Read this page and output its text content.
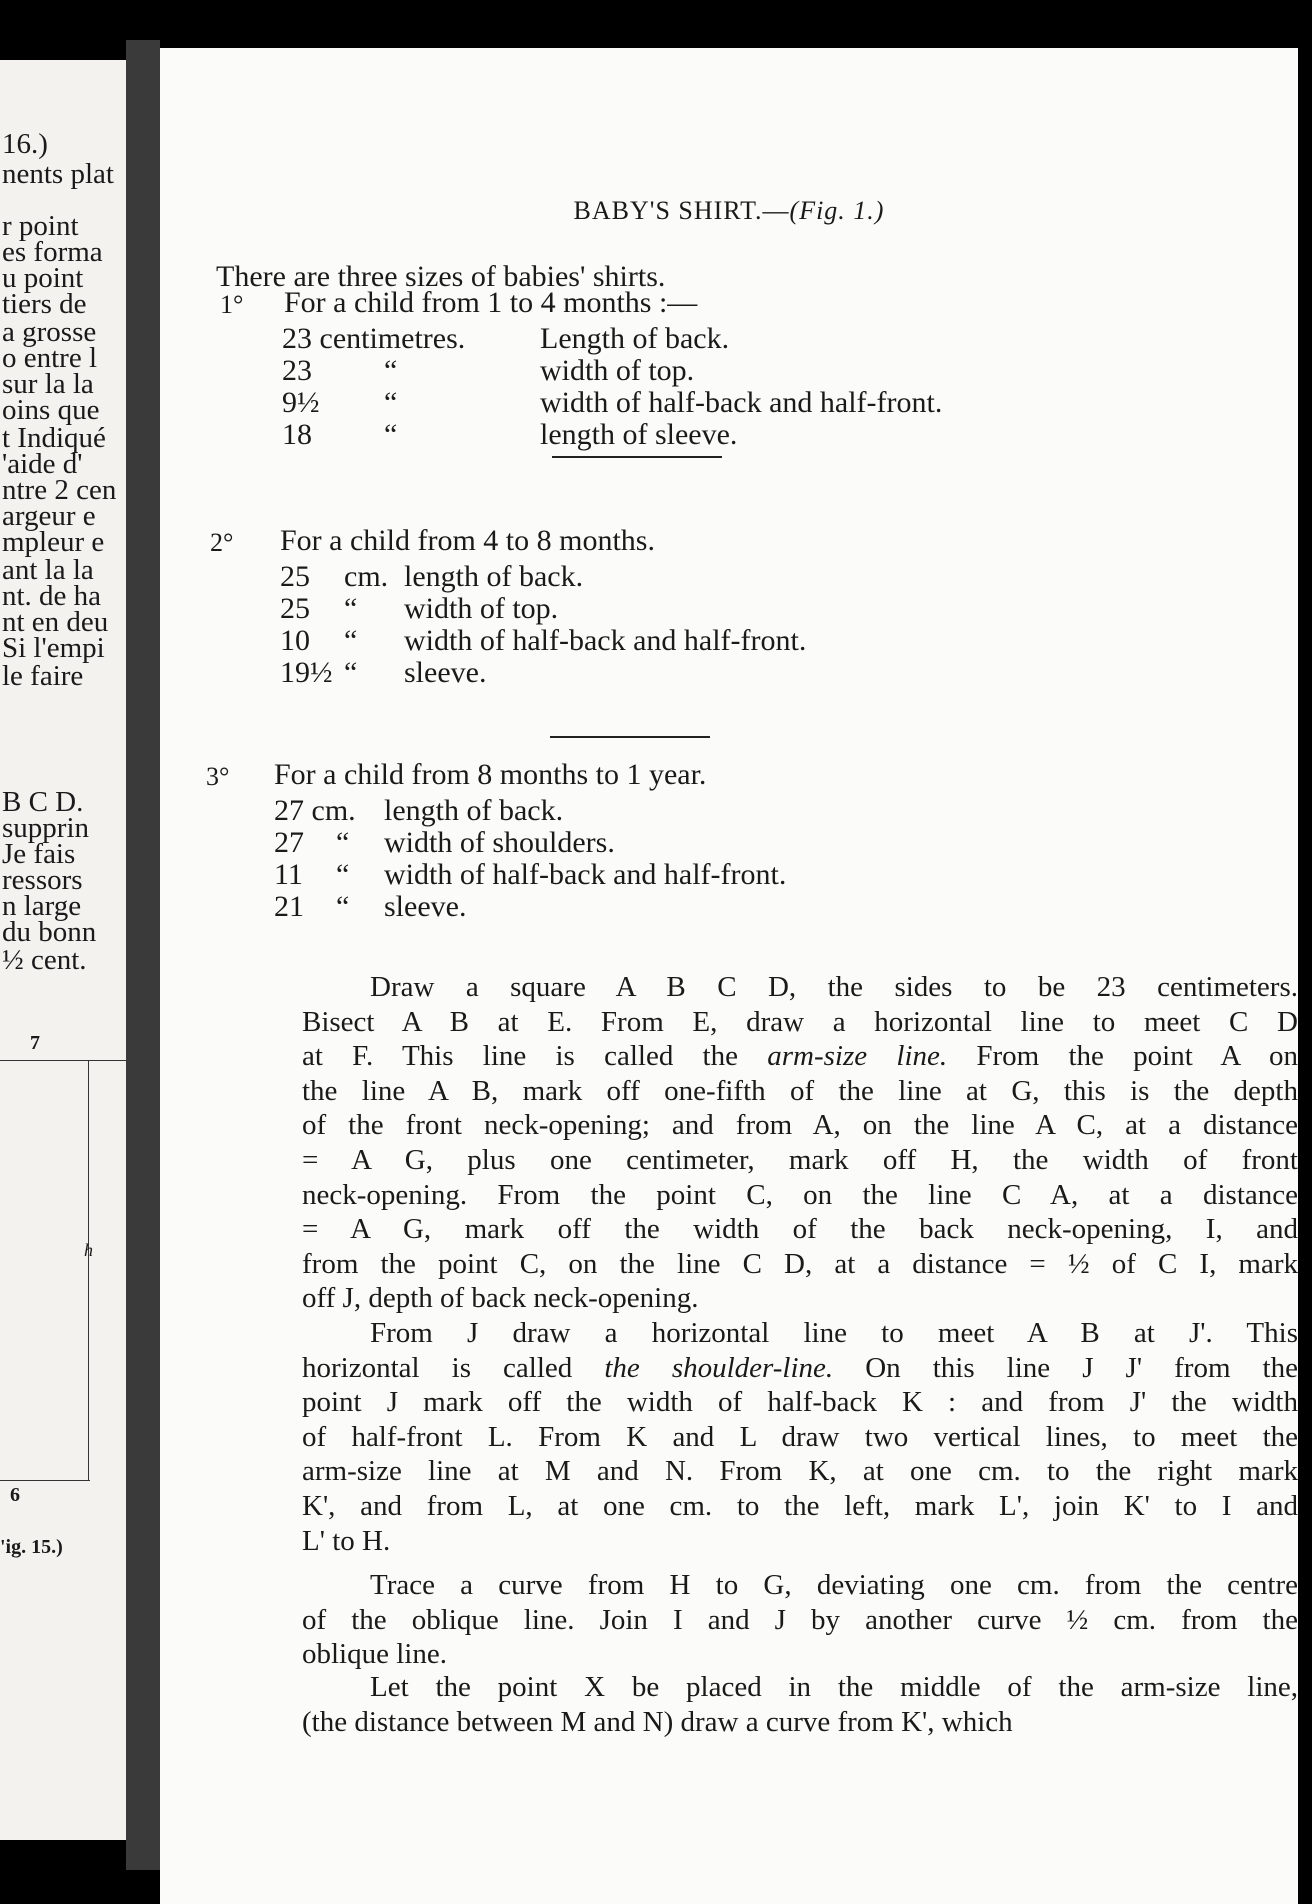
16.)
nents plat
r point
es forma
u point
tiers de
a grosse
o entre l
sur la la
oins que
t Indiqué
'aide d'
ntre 2 cen
argeur e
mpleur e
ant la la
nt. de ha
nt en deu
Si l'empi
le faire
B C D.
supprin
Je fais
ressors
n large
du bonn
½ cent.
7
h
6
'ig. 15.)
BABY'S SHIRT.—(Fig. 1.)
There are three sizes of babies' shirts.
1° For a child from 1 to 4 months :—
23 centimetres. Length of back.
23 “	width of top.
9½ “	width of half-back and half-front.
18 “	length of sleeve.
2° For a child from 4 to 8 months.
25 cm. length of back.
25 “ width of top.
10 “ width of half-back and half-front.
19½ “ sleeve.
3° For a child from 8 months to 1 year.
27 cm. length of back.
27 “ width of shoulders.
11 “ width of half-back and half-front.
21 “ sleeve.
Draw a square A B C D, the sides to be 23 centimeters.
Bisect A B at E. From E, draw a horizontal line to meet C D
at F. This line is called the arm-size line. From the point A on
the line A B, mark off one-fifth of the line at G, this is the depth
of the front neck-opening; and from A, on the line A C, at a distance
= A G, plus one centimeter, mark off H, the width of front
neck-opening. From the point C, on the line C A, at a distance
= A G, mark off the width of the back neck-opening, I, and
from the point C, on the line C D, at a distance = ½ of C I, mark
off J, depth of back neck-opening.
From J draw a horizontal line to meet A B at J'. This
horizontal is called the shoulder-line. On this line J J' from the
point J mark off the width of half-back K : and from J' the width
of half-front L. From K and L draw two vertical lines, to meet the
arm-size line at M and N. From K, at one cm. to the right mark
K', and from L, at one cm. to the left, mark L', join K' to I and
L' to H.
Trace a curve from H to G, deviating one cm. from the centre
of the oblique line. Join I and J by another curve ½ cm. from the
oblique line.
Let the point X be placed in the middle of the arm-size line,
(the distance between M and N) draw a curve from K', which
